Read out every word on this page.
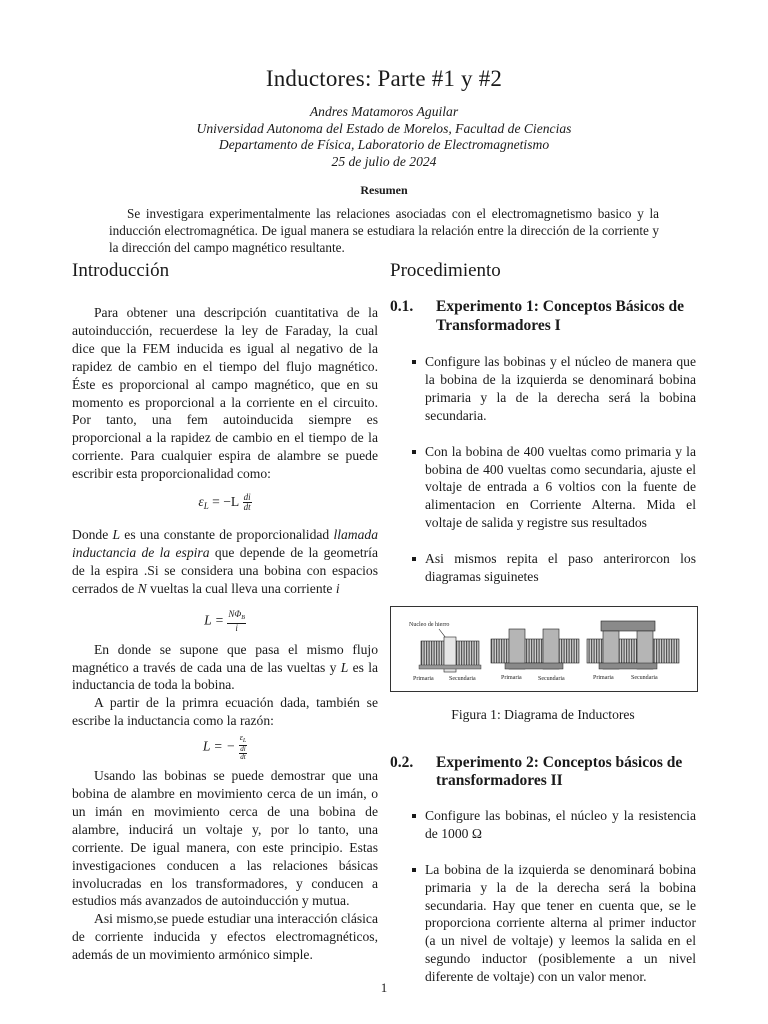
Inductores: Parte #1 y #2
Andres Matamoros Aguilar
Universidad Autonoma del Estado de Morelos, Facultad de Ciencias
Departamento de Física, Laboratorio de Electromagnetismo
25 de julio de 2024
Resumen
Se investigara experimentalmente las relaciones asociadas con el electromagnetismo basico y la inducción electromagnética. De igual manera se estudiara la relación entre la dirección de la corriente y la dirección del campo magnético resultante.
Introducción

Para obtener una descripción cuantitativa de la autoinducción, recuerdese la ley de Faraday, la cual dice que la FEM inducida es igual al negativo de la rapidez de cambio en el tiempo del flujo magnético. Éste es proporcional al campo magnético, que en su momento es proporcional a la corriente en el circuito. Por tanto, una fem autoinducida siempre es proporcional a la rapidez de cambio en el tiempo de la corriente. Para cualquier espira de alambre se puede escribir esta proporcionalidad como:

$\varepsilon_L = -L \frac{di}{dt}$

Donde L es una constante de proporcionalidad llamada inductancia de la espira que depende de la geometría de la espira .Si se considera una bobina con espacios cerrados de N vueltas la cual lleva una corriente i

$L = \frac{N\Phi_B}{i}$

En donde se supone que pasa el mismo flujo magnético a través de cada una de las vueltas y L es la inductancia de toda la bobina.

A partir de la primra ecuación dada, también se escribe la inductancia como la razón:

L = −
$\varepsilon_L$
di
dt

Usando las bobinas se puede demostrar que una bobina de alambre en movimiento cerca de un imán, o un imán en movimiento cerca de una bobina de alambre, inducirá un voltaje y, por lo tanto, una corriente. De igual manera, con este principio. Estas investigaciones conducen a las relaciones básicas involucradas en los transformadores, y conducen a estudios más avanzados de autoinducción y mutua.

Asi mismo,se puede estudiar una interacción clásica de corriente inducida y efectos electromagnéticos, además de un movimiento armónico simple.

Procedimiento
0.1.	Experimento 1: Conceptos Básicos de Transformadores I
Configure las bobinas y el núcleo de manera que la bobina de la izquierda se denominará bobina primaria y la de la derecha será la bobina secundaria.
Con la bobina de 400 vueltas como primaria y la bobina de 400 vueltas como secundaria, ajuste el voltaje de entrada a 6 voltios con la fuente de alimentacion en Corriente Alterna. Mida el voltaje de salida y registre sus resultados
Asi mismos repita el paso anterirorcon los diagramas siguinetes
Nucleo de hierro
Primaria	Secundaria	Primaria	Secundaria	Primaria	Secundaria
Figura 1: Diagrama de Inductores
0.2.	Experimento 2: Conceptos básicos de transformadores II
Configure las bobinas, el núcleo y la resistencia de 1000 Ω
La bobina de la izquierda se denominará bobina primaria y la de la derecha será la bobina secundaria. Hay que tener en cuenta que, se le proporciona corriente alterna al primer inductor (a un nivel de voltaje) y leemos la salida en el segundo inductor (posiblemente a un nivel diferente de voltaje) con un valor menor.
1
